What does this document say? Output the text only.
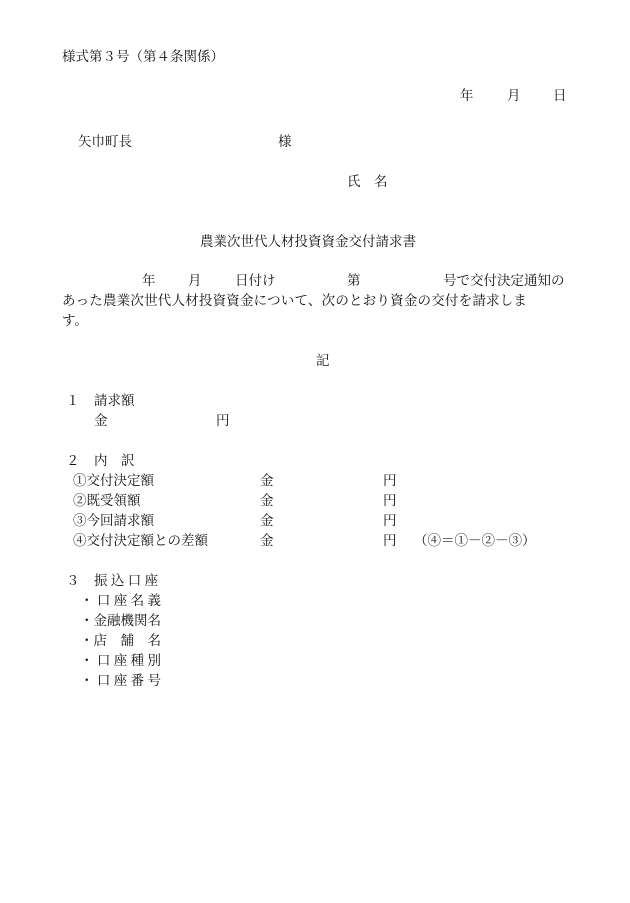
様式第３号（第４条関係）
年 月 日
矢巾町長	様
氏　名
農業次世代人材投資資金交付請求書
年 月 日付け	第	号で交付決定通知の
あった農業次世代人材投資資金について、次のとおり資金の交付を請求しま
す。
記
１ 請求額
金	円
２ 内　訳
①交付決定額	金	円
②既受領額	金	円
③今回請求額	金	円
④交付決定額との差額	金	円 （④＝①－②－③）
３ 振込口座
・口座名義
・金融機関名
・店　舗　名
・口座種別
・口座番号
